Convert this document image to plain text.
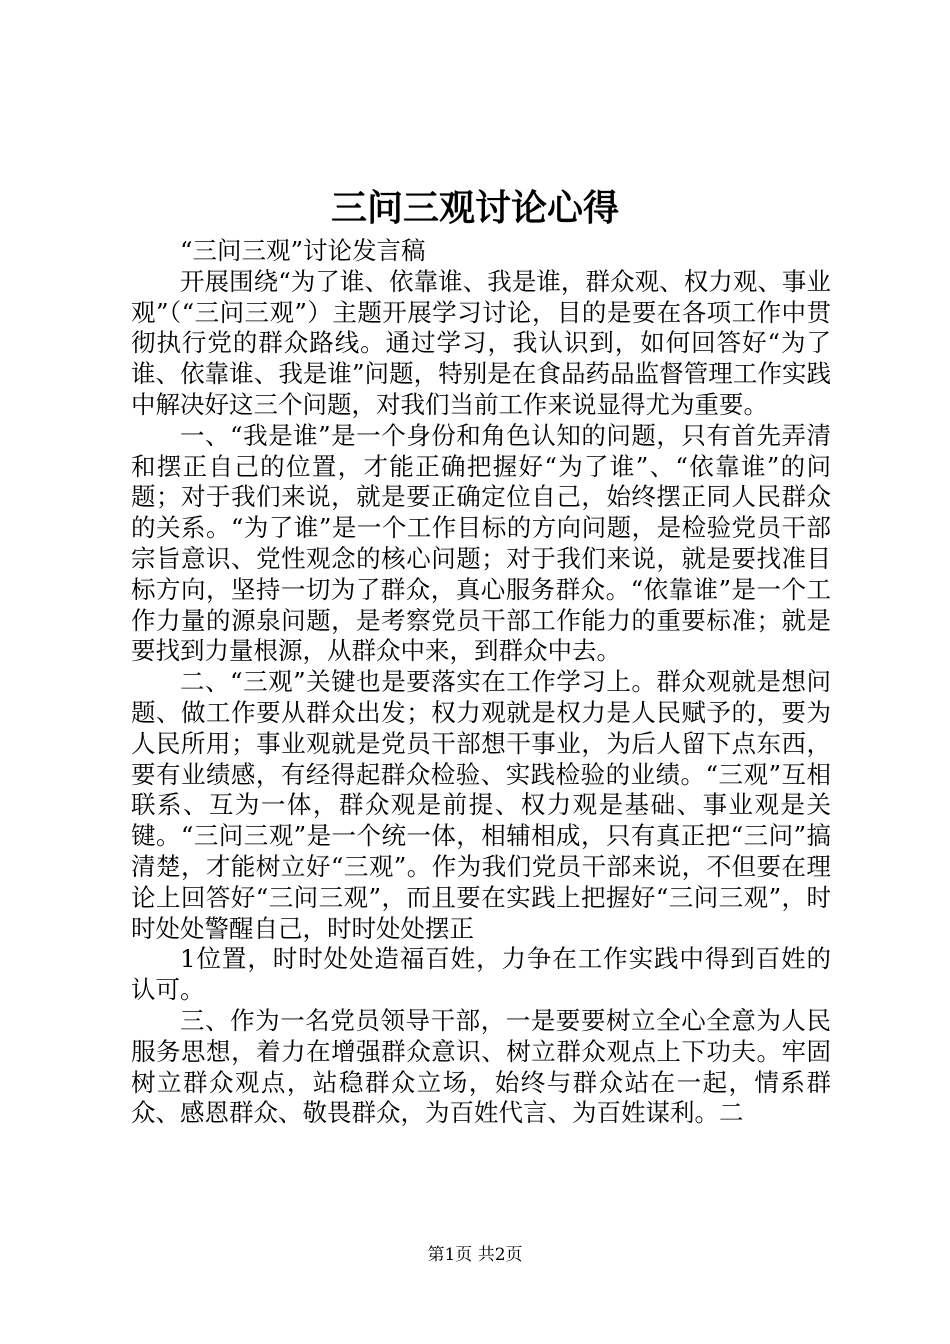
三问三观讨论心得

“三问三观”讨论发言稿

开展围绕“为了谁、依靠谁、我是谁，群众观、权力观、事业观”（“三问三观”）主题开展学习讨论，目的是要在各项工作中贯彻执行党的群众路线。通过学习，我认识到，如何回答好“为了谁、依靠谁、我是谁”问题，特别是在食品药品监督管理工作实践中解决好这三个问题，对我们当前工作来说显得尤为重要。

一、“我是谁”是一个身份和角色认知的问题，只有首先弄清和摆正自己的位置，才能正确把握好“为了谁”、“依靠谁”的问题；对于我们来说，就是要正确定位自己，始终摆正同人民群众的关系。“为了谁”是一个工作目标的方向问题，是检验党员干部宗旨意识、党性观念的核心问题；对于我们来说，就是要找准目标方向，坚持一切为了群众，真心服务群众。“依靠谁”是一个工作力量的源泉问题，是考察党员干部工作能力的重要标准；就是要找到力量根源，从群众中来，到群众中去。

二、“三观”关键也是要落实在工作学习上。群众观就是想问题、做工作要从群众出发；权力观就是权力是人民赋予的，要为人民所用；事业观就是党员干部想干事业，为后人留下点东西，要有业绩感，有经得起群众检验、实践检验的业绩。“三观”互相联系、互为一体，群众观是前提、权力观是基础、事业观是关键。“三问三观”是一个统一体，相辅相成，只有真正把“三问”搞清楚，才能树立好“三观”。作为我们党员干部来说，不但要在理论上回答好“三问三观”，而且要在实践上把握好“三问三观”，时时处处警醒自己，时时处处摆正

1位置，时时处处造福百姓，力争在工作实践中得到百姓的认可。

三、作为一名党员领导干部，一是要要树立全心全意为人民服务思想，着力在增强群众意识、树立群众观点上下功夫。牢固树立群众观点，站稳群众立场，始终与群众站在一起，情系群众、感恩群众、敬畏群众，为百姓代言、为百姓谋利。二

第1页 共2页
